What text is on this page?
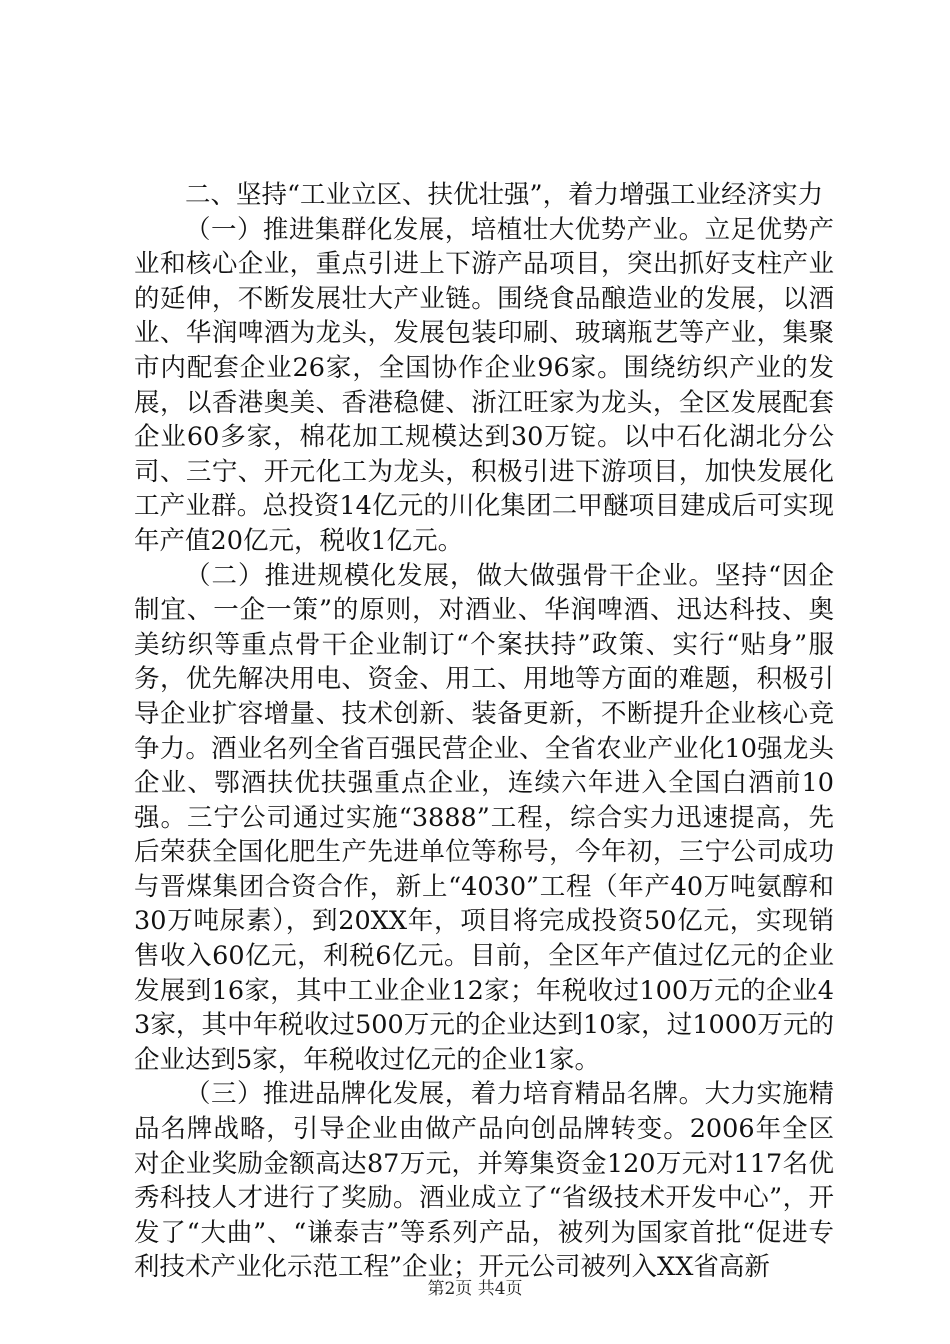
二、坚持“工业立区、扶优壮强”，着力增强工业经济实力

（一）推进集群化发展，培植壮大优势产业。立足优势产业和核心企业，重点引进上下游产品项目，突出抓好支柱产业的延伸，不断发展壮大产业链。围绕食品酿造业的发展，以酒业、华润啤酒为龙头，发展包装印刷、玻璃瓶艺等产业，集聚市内配套企业26家，全国协作企业96家。围绕纺织产业的发展，以香港奥美、香港稳健、浙江旺家为龙头，全区发展配套企业60多家，棉花加工规模达到30万锭。以中石化湖北分公司、三宁、开元化工为龙头，积极引进下游项目，加快发展化工产业群。总投资14亿元的川化集团二甲醚项目建成后可实现年产值20亿元，税收1亿元。

（二）推进规模化发展，做大做强骨干企业。坚持“因企制宜、一企一策”的原则，对酒业、华润啤酒、迅达科技、奥美纺织等重点骨干企业制订“个案扶持”政策、实行“贴身”服务，优先解决用电、资金、用工、用地等方面的难题，积极引导企业扩容增量、技术创新、装备更新，不断提升企业核心竞争力。酒业名列全省百强民营企业、全省农业产业化10强龙头企业、鄂酒扶优扶强重点企业，连续六年进入全国白酒前10强。三宁公司通过实施“3888”工程，综合实力迅速提高，先后荣获全国化肥生产先进单位等称号，今年初，三宁公司成功与晋煤集团合资合作，新上“4030”工程（年产40万吨氨醇和30万吨尿素），到20XX年，项目将完成投资50亿元，实现销售收入60亿元，利税6亿元。目前，全区年产值过亿元的企业发展到16家，其中工业企业12家；年税收过100万元的企业43家，其中年税收过500万元的企业达到10家，过1000万元的企业达到5家，年税收过亿元的企业1家。

（三）推进品牌化发展，着力培育精品名牌。大力实施精品名牌战略，引导企业由做产品向创品牌转变。2006年全区对企业奖励金额高达87万元，并筹集资金120万元对117名优秀科技人才进行了奖励。酒业成立了“省级技术开发中心”，开发了“大曲”、“谦泰吉”等系列产品，被列为国家首批“促进专利技术产业化示范工程”企业；开元公司被列入XX省高新

第2页 共4页
